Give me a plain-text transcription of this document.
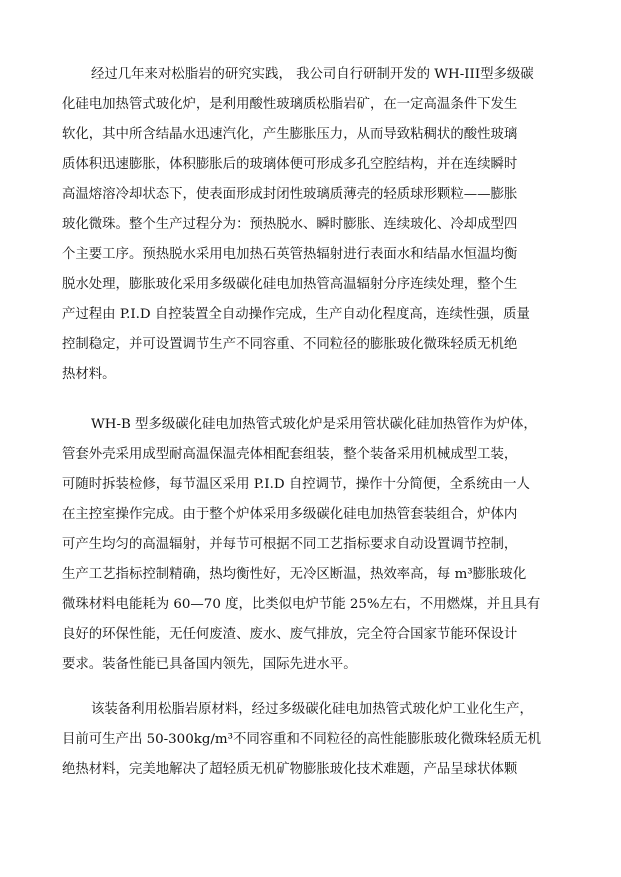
经过几年来对松脂岩的研究实践， 我公司自行研制开发的 WH-III型多级碳
化硅电加热管式玻化炉，是利用酸性玻璃质松脂岩矿，在一定高温条件下发生
软化，其中所含结晶水迅速汽化，产生膨胀压力，从而导致粘稠状的酸性玻璃
质体积迅速膨胀，体积膨胀后的玻璃体便可形成多孔空腔结构，并在连续瞬时
高温熔溶冷却状态下，使表面形成封闭性玻璃质薄壳的轻质球形颗粒——膨胀
玻化微珠。整个生产过程分为：预热脱水、瞬时膨胀、连续玻化、冷却成型四
个主要工序。预热脱水采用电加热石英管热辐射进行表面水和结晶水恒温均衡
脱水处理，膨胀玻化采用多级碳化硅电加热管高温辐射分序连续处理，整个生
产过程由 P.I.D 自控装置全自动操作完成，生产自动化程度高，连续性强，质量
控制稳定，并可设置调节生产不同容重、不同粒径的膨胀玻化微珠轻质无机绝
热材料。
WH-B 型多级碳化硅电加热管式玻化炉是采用管状碳化硅加热管作为炉体，
管套外壳采用成型耐高温保温壳体相配套组装，整个装备采用机械成型工装，
可随时拆装检修，每节温区采用 P.I.D 自控调节，操作十分简便，全系统由一人
在主控室操作完成。由于整个炉体采用多级碳化硅电加热管套装组合，炉体内
可产生均匀的高温辐射，并每节可根据不同工艺指标要求自动设置调节控制，
生产工艺指标控制精确，热均衡性好，无冷区断温，热效率高，每 m³膨胀玻化
微珠材料电能耗为 60—70 度，比类似电炉节能 25%左右，不用燃煤，并且具有
良好的环保性能，无任何废渣、废水、废气排放，完全符合国家节能环保设计
要求。装备性能已具备国内领先，国际先进水平。
该装备利用松脂岩原材料，经过多级碳化硅电加热管式玻化炉工业化生产，
目前可生产出 50-300kg/m³不同容重和不同粒径的高性能膨胀玻化微珠轻质无机
绝热材料，完美地解决了超轻质无机矿物膨胀玻化技术难题，产品呈球状体颗
